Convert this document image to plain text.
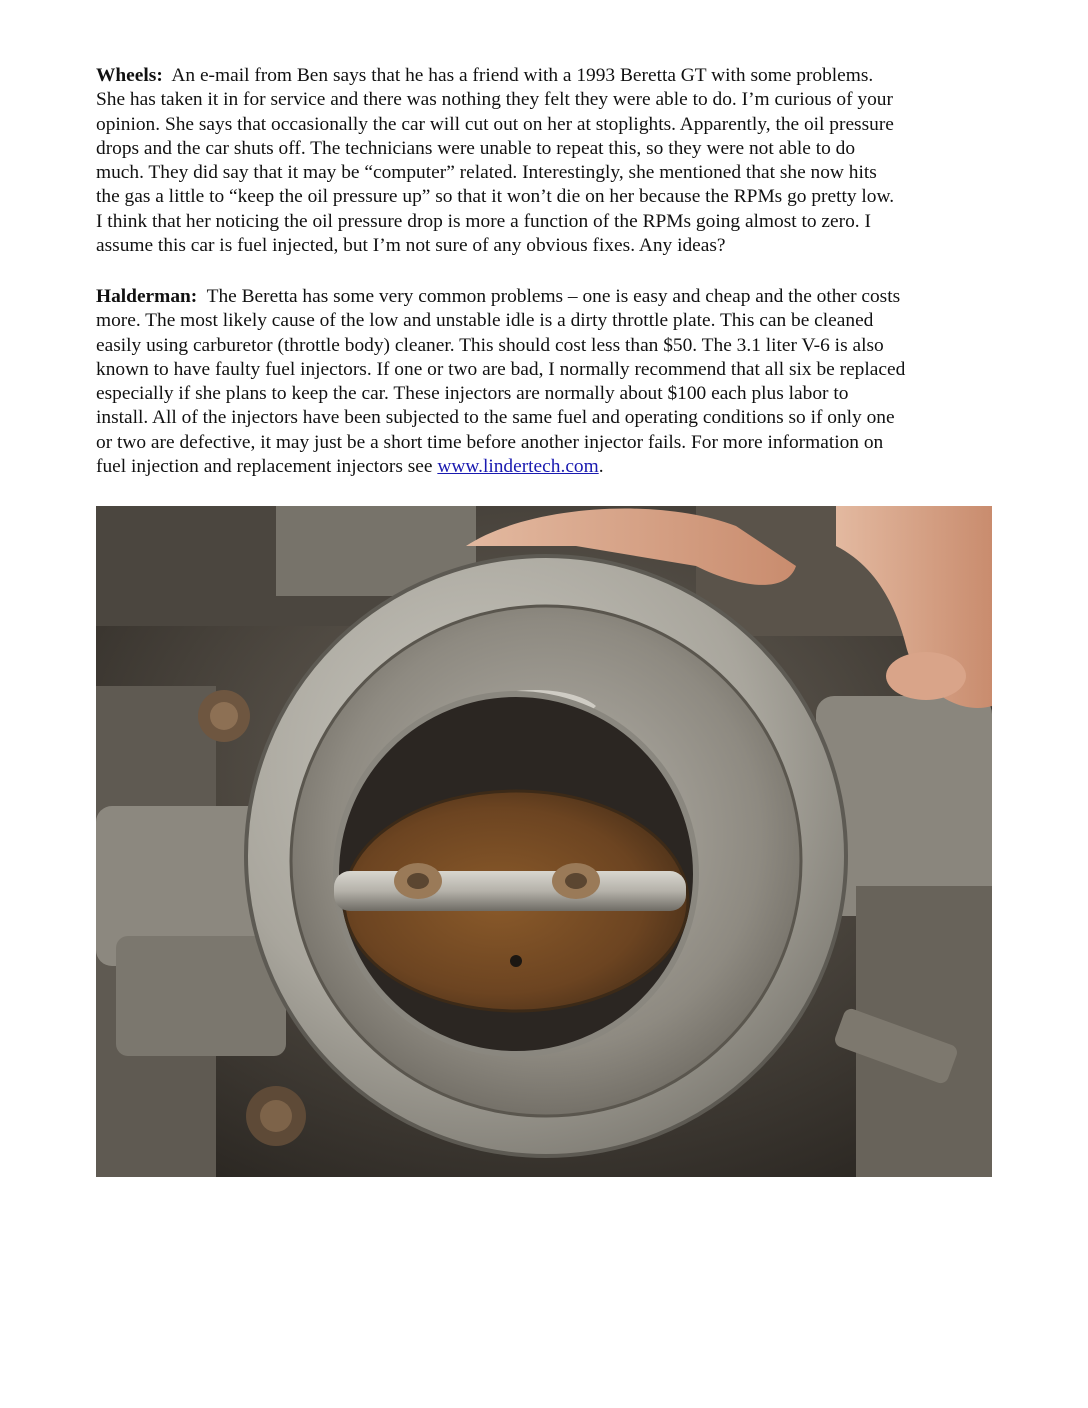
Wheels:  An e-mail from Ben says that he has a friend with a 1993 Beretta GT with some problems.
She has taken it in for service and there was nothing they felt they were able to do. I’m curious of your
opinion. She says that occasionally the car will cut out on her at stoplights. Apparently, the oil pressure
drops and the car shuts off. The technicians were unable to repeat this, so they were not able to do
much. They did say that it may be “computer” related. Interestingly, she mentioned that she now hits
the gas a little to “keep the oil pressure up” so that it won’t die on her because the RPMs go pretty low.
I think that her noticing the oil pressure drop is more a function of the RPMs going almost to zero. I
assume this car is fuel injected, but I’m not sure of any obvious fixes. Any ideas?

Halderman:  The Beretta has some very common problems – one is easy and cheap and the other costs
more. The most likely cause of the low and unstable idle is a dirty throttle plate. This can be cleaned
easily using carburetor (throttle body) cleaner. This should cost less than $50. The 3.1 liter V-6 is also
known to have faulty fuel injectors. If one or two are bad, I normally recommend that all six be replaced
especially if she plans to keep the car. These injectors are normally about $100 each plus labor to
install. All of the injectors have been subjected to the same fuel and operating conditions so if only one
or two are defective, it may just be a short time before another injector fails. For more information on
fuel injection and replacement injectors see www.lindertech.com.
